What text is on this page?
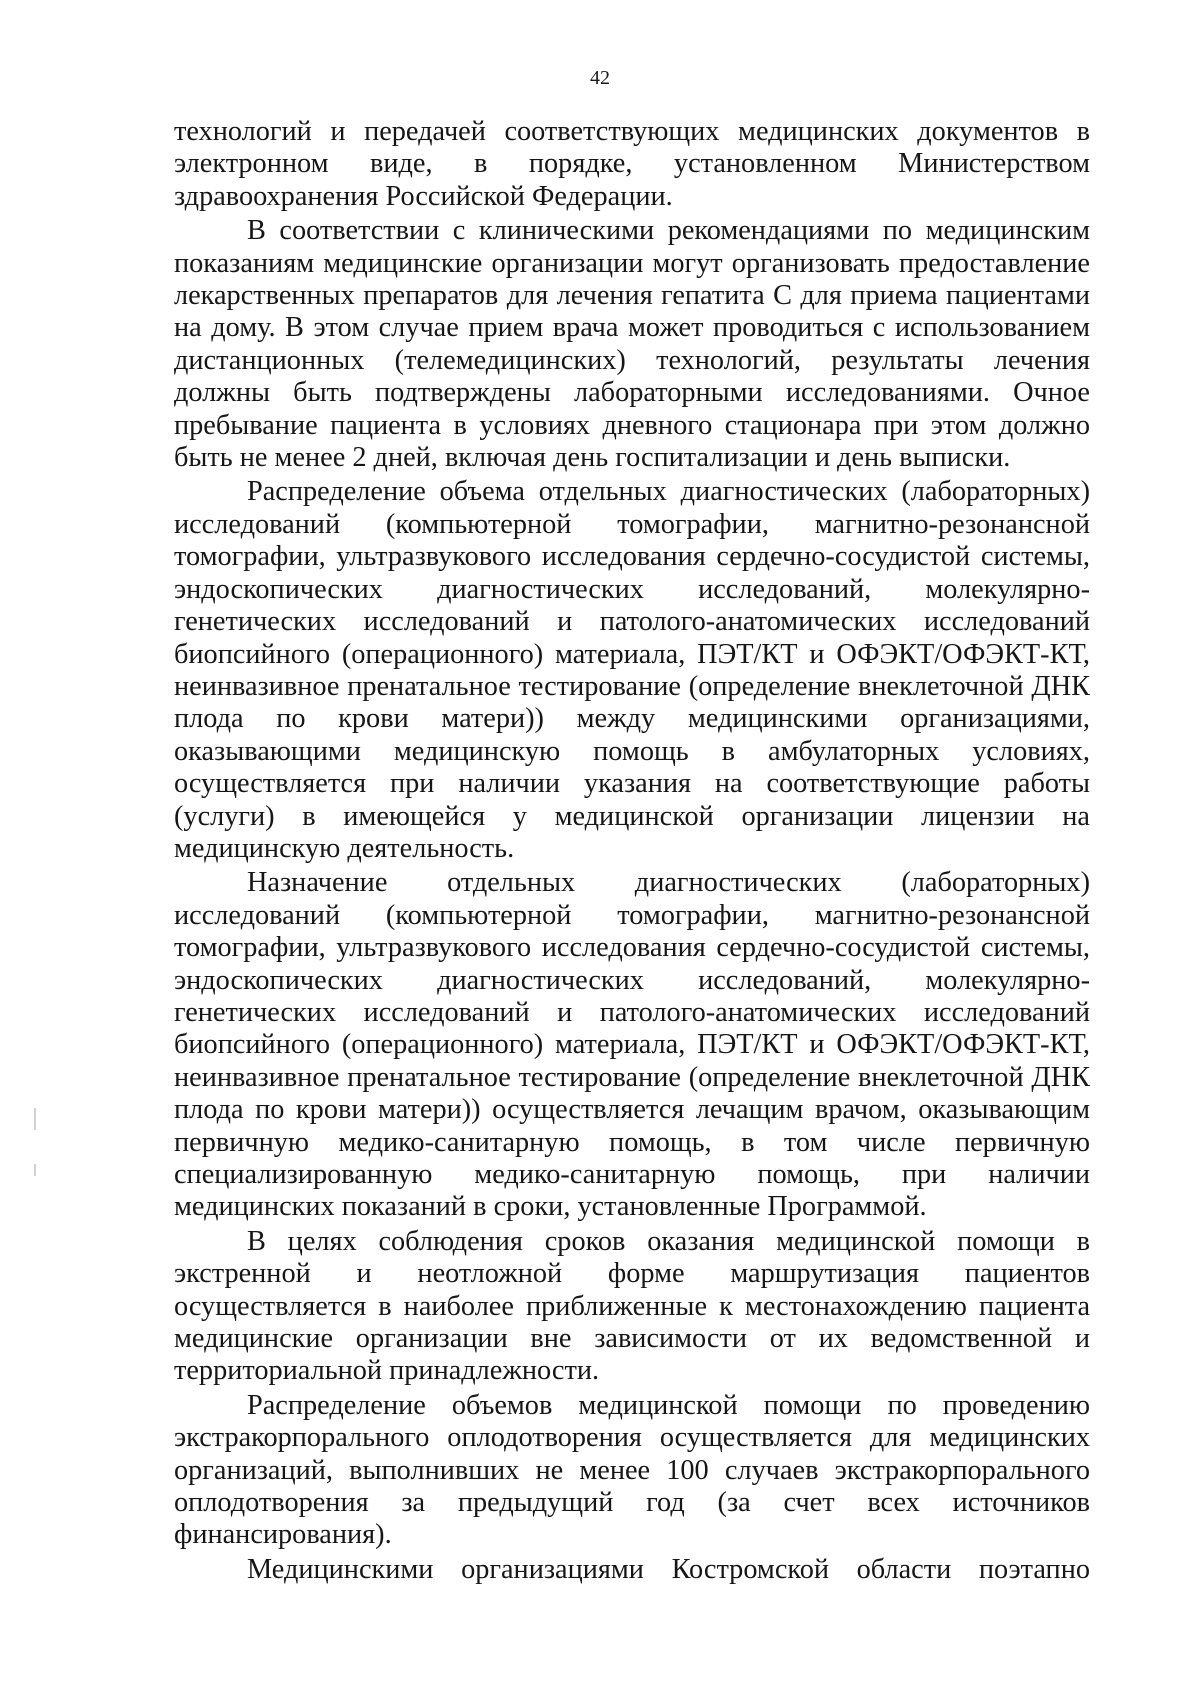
42

технологий и передачей соответствующих медицинских документов в электронном виде, в порядке, установленном Министерством здравоохранения Российской Федерации.

В соответствии с клиническими рекомендациями по медицинским показаниям медицинские организации могут организовать предоставление лекарственных препаратов для лечения гепатита С для приема пациентами на дому. В этом случае прием врача может проводиться с использованием дистанционных (телемедицинских) технологий, результаты лечения должны быть подтверждены лабораторными исследованиями. Очное пребывание пациента в условиях дневного стационара при этом должно быть не менее 2 дней, включая день госпитализации и день выписки.

Распределение объема отдельных диагностических (лабораторных) исследований (компьютерной томографии, магнитно-резонансной томографии, ультразвукового исследования сердечно-сосудистой системы, эндоскопических диагностических исследований, молекулярно-генетических исследований и патолого-анатомических исследований биопсийного (операционного) материала, ПЭТ/КТ и ОФЭКТ/ОФЭКТ-КТ, неинвазивное пренатальное тестирование (определение внеклеточной ДНК плода по крови матери)) между медицинскими организациями, оказывающими медицинскую помощь в амбулаторных условиях, осуществляется при наличии указания на соответствующие работы (услуги) в имеющейся у медицинской организации лицензии на медицинскую деятельность.

Назначение отдельных диагностических (лабораторных) исследований (компьютерной томографии, магнитно-резонансной томографии, ультразвукового исследования сердечно-сосудистой системы, эндоскопических диагностических исследований, молекулярно-генетических исследований и патолого-анатомических исследований биопсийного (операционного) материала, ПЭТ/КТ и ОФЭКТ/ОФЭКТ-КТ, неинвазивное пренатальное тестирование (определение внеклеточной ДНК плода по крови матери)) осуществляется лечащим врачом, оказывающим первичную медико-санитарную помощь, в том числе первичную специализированную медико-санитарную помощь, при наличии медицинских показаний в сроки, установленные Программой.

В целях соблюдения сроков оказания медицинской помощи в экстренной и неотложной форме маршрутизация пациентов осуществляется в наиболее приближенные к местонахождению пациента медицинские организации вне зависимости от их ведомственной и территориальной принадлежности.

Распределение объемов медицинской помощи по проведению экстракорпорального оплодотворения осуществляется для медицинских организаций, выполнивших не менее 100 случаев экстракорпорального оплодотворения за предыдущий год (за счет всех источников финансирования).

Медицинскими организациями Костромской области поэтапно
